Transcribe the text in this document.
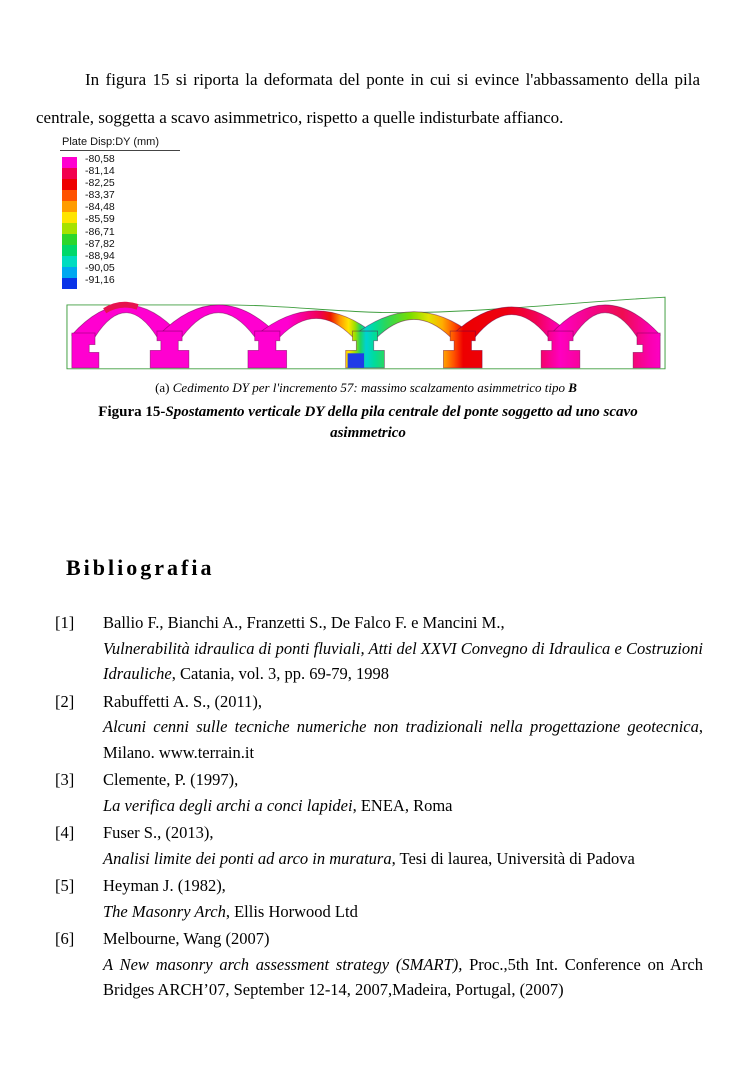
In figura 15 si riporta la deformata del ponte in cui si evince l'abbassamento della pila centrale, soggetta a scavo asimmetrico, rispetto a quelle indisturbate affianco.

Plate Disp:DY (mm)
-80,58
-81,14
-82,25
-83,37
-84,48
-85,59
-86,71
-87,82
-88,94
-90,05
-91,16
(a) Cedimento DY per l'incremento 57: massimo scalzamento asimmetrico tipo B
Figura 15-Spostamento verticale DY della pila centrale del ponte soggetto ad uno scavo
asimmetrico
Bibliografia
[1]	Ballio F., Bianchi A., Franzetti S., De Falco F. e Mancini M.,
Vulnerabilità idraulica di ponti fluviali, Atti del XXVI Convegno di Idraulica e Costruzioni Idrauliche, Catania, vol. 3, pp. 69-79, 1998
[2]	Rabuffetti A. S., (2011),
Alcuni cenni sulle tecniche numeriche non tradizionali nella progettazione geotecnica, Milano. www.terrain.it
[3]	Clemente, P. (1997),
La verifica degli archi a conci lapidei, ENEA, Roma
[4]	Fuser S., (2013),
Analisi limite dei ponti ad arco in muratura, Tesi di laurea, Università di Padova
[5]	Heyman J. (1982),
The Masonry Arch, Ellis Horwood Ltd
[6]	Melbourne, Wang (2007)
A New masonry arch assessment strategy (SMART), Proc.,5th Int. Conference on Arch Bridges ARCH’07, September 12-14, 2007,Madeira, Portugal, (2007)
